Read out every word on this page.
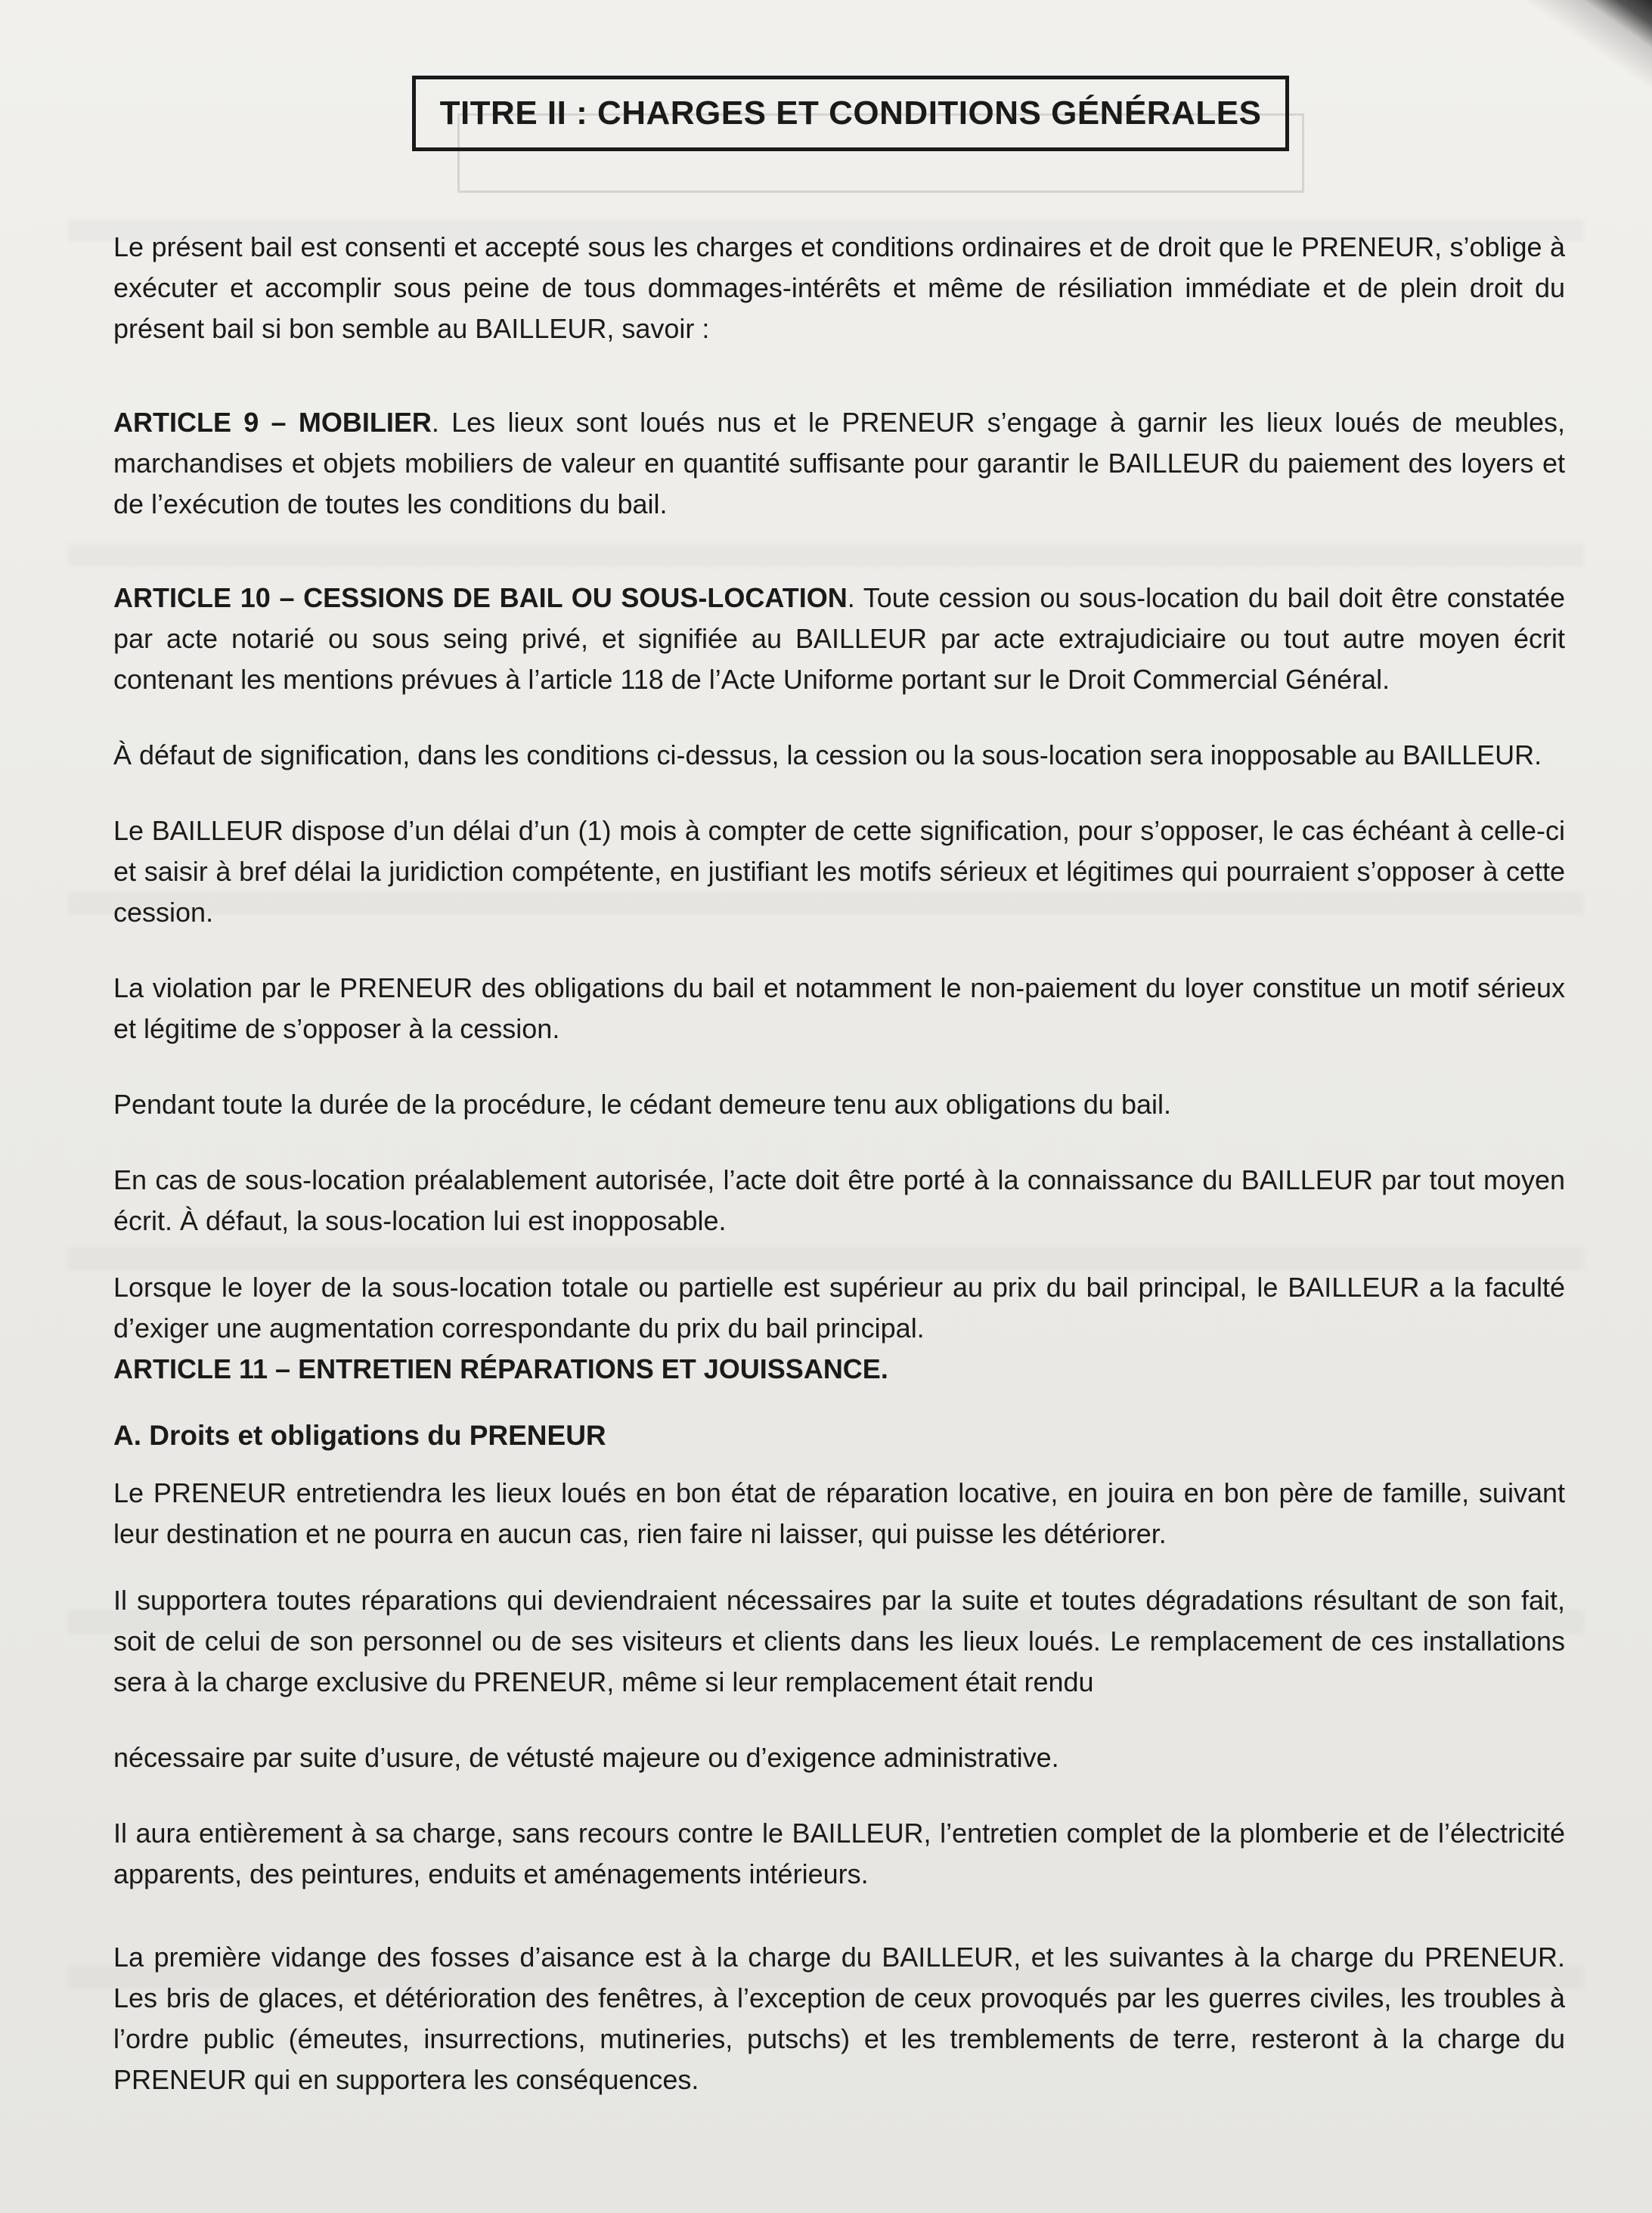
TITRE II : CHARGES ET CONDITIONS GÉNÉRALES

Le présent bail est consenti et accepté sous les charges et conditions ordinaires et de droit que le PRENEUR, s’oblige à exécuter et accomplir sous peine de tous dommages-intérêts et même de résiliation immédiate et de plein droit du présent bail si bon semble au BAILLEUR, savoir :

ARTICLE 9 – MOBILIER. Les lieux sont loués nus et le PRENEUR s’engage à garnir les lieux loués de meubles, marchandises et objets mobiliers de valeur en quantité suffisante pour garantir le BAILLEUR du paiement des loyers et de l’exécution de toutes les conditions du bail.

ARTICLE 10 – CESSIONS DE BAIL OU SOUS-LOCATION. Toute cession ou sous-location du bail doit être constatée par acte notarié ou sous seing privé, et signifiée au BAILLEUR par acte extrajudiciaire ou tout autre moyen écrit contenant les mentions prévues à l’article 118 de l’Acte Uniforme portant sur le Droit Commercial Général.

À défaut de signification, dans les conditions ci-dessus, la cession ou la sous-location sera inopposable au BAILLEUR.

Le BAILLEUR dispose d’un délai d’un (1) mois à compter de cette signification, pour s’opposer, le cas échéant à celle-ci et saisir à bref délai la juridiction compétente, en justifiant les motifs sérieux et légitimes qui pourraient s’opposer à cette cession.

La violation par le PRENEUR des obligations du bail et notamment le non-paiement du loyer constitue un motif sérieux et légitime de s’opposer à la cession.

Pendant toute la durée de la procédure, le cédant demeure tenu aux obligations du bail.

En cas de sous-location préalablement autorisée, l’acte doit être porté à la connaissance du BAILLEUR par tout moyen écrit. À défaut, la sous-location lui est inopposable.

Lorsque le loyer de la sous-location totale ou partielle est supérieur au prix du bail principal, le BAILLEUR a la faculté d’exiger une augmentation correspondante du prix du bail principal.

ARTICLE 11 – ENTRETIEN RÉPARATIONS ET JOUISSANCE.

A. Droits et obligations du PRENEUR

Le PRENEUR entretiendra les lieux loués en bon état de réparation locative, en jouira en bon père de famille, suivant leur destination et ne pourra en aucun cas, rien faire ni laisser, qui puisse les détériorer.

Il supportera toutes réparations qui deviendraient nécessaires par la suite et toutes dégradations résultant de son fait, soit de celui de son personnel ou de ses visiteurs et clients dans les lieux loués. Le remplacement de ces installations sera à la charge exclusive du PRENEUR, même si leur remplacement était rendu

nécessaire par suite d’usure, de vétusté majeure ou d’exigence administrative.

Il aura entièrement à sa charge, sans recours contre le BAILLEUR, l’entretien complet de la plomberie et de l’électricité apparents, des peintures, enduits et aménagements intérieurs.

La première vidange des fosses d’aisance est à la charge du BAILLEUR, et les suivantes à la charge du PRENEUR. Les bris de glaces, et détérioration des fenêtres, à l’exception de ceux provoqués par les guerres civiles, les troubles à l’ordre public (émeutes, insurrections, mutineries, putschs) et les tremblements de terre, resteront à la charge du PRENEUR qui en supportera les conséquences.
